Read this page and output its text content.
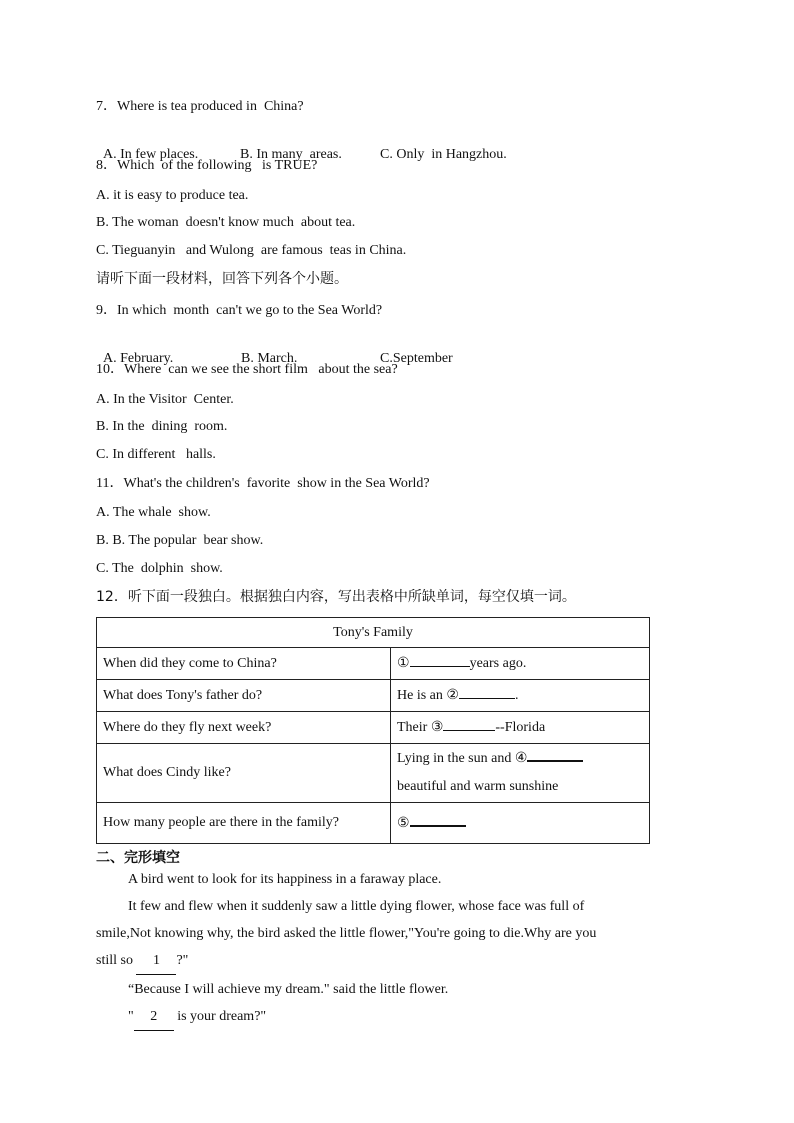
7．Where is tea produced in  China?

A. In few places.	B. In many  areas.	C. Only  in Hangzhou.

8．Which  of the following   is TRUE?
A. it is easy to produce tea.
B. The woman  doesn't know much  about tea.
C. Tieguanyin   and Wulong  are famous  teas in China.
请听下面一段材料，回答下列各个小题。
9．In which  month  can't we go to the Sea World?

A. February.	B. March.	C.September

10．Where  can we see the short film   about the sea?
A. In the Visitor  Center.
B. In the  dining  room.
C. In different   halls.
11．What's the children's  favorite  show in the Sea World?
A. The whale  show.
B. B. The popular  bear show.
C. The  dolphin  show.
12．听下面一段独白。根据独白内容，写出表格中所缺单词，每空仅填一词。
Tony's Family	
When did they come to China?	① years ago.
What does Tony's father do?	He is an ② .
Where do they fly next week?	Their ③ --Florida
What does Cindy like?	Lying in the sun and ④
beautiful and warm sunshine

How many people are there in the family?	⑤
二、完形填空
A bird went to look for its happiness in a faraway place.
It few and flew when it suddenly saw a little dying flower, whose face was full of
smile,Not knowing why, the bird asked the little flower,"You're going to die.Why are you
still so 1 ?"
“Because I will achieve my dream." said the little flower.
" 2 is your dream?"
